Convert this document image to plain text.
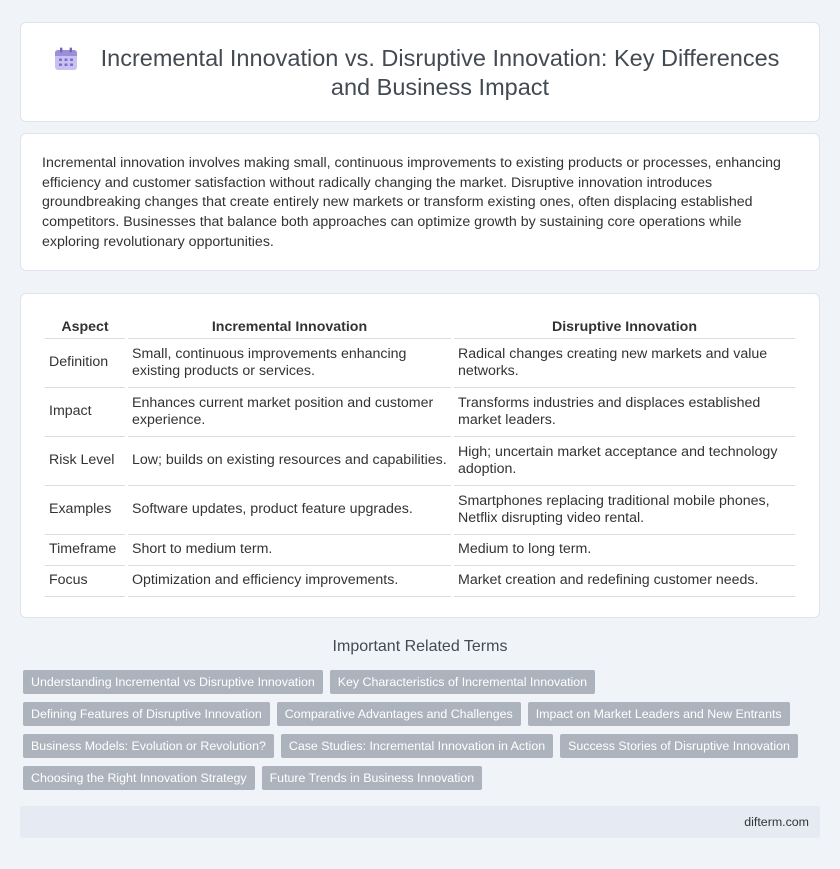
Incremental Innovation vs. Disruptive Innovation: Key Differences and Business Impact

Incremental innovation involves making small, continuous improvements to existing products or processes, enhancing efficiency and customer satisfaction without radically changing the market. Disruptive innovation introduces groundbreaking changes that create entirely new markets or transform existing ones, often displacing established competitors. Businesses that balance both approaches can optimize growth by sustaining core operations while exploring revolutionary opportunities.

Aspect	Incremental Innovation	Disruptive Innovation
Definition	Small, continuous improvements enhancing existing products or services.	Radical changes creating new markets and value networks.
Impact	Enhances current market position and customer experience.	Transforms industries and displaces established market leaders.
Risk Level	Low; builds on existing resources and capabilities.	High; uncertain market acceptance and technology adoption.
Examples	Software updates, product feature upgrades.	Smartphones replacing traditional mobile phones, Netflix disrupting video rental.
Timeframe	Short to medium term.	Medium to long term.
Focus	Optimization and efficiency improvements.	Market creation and redefining customer needs.
Important Related Terms
Understanding Incremental vs Disruptive Innovation	Key Characteristics of Incremental Innovation
Defining Features of Disruptive Innovation	Comparative Advantages and Challenges	Impact on Market Leaders and New Entrants
Business Models: Evolution or Revolution?	Case Studies: Incremental Innovation in Action	Success Stories of Disruptive Innovation
Choosing the Right Innovation Strategy	Future Trends in Business Innovation
difterm.com
